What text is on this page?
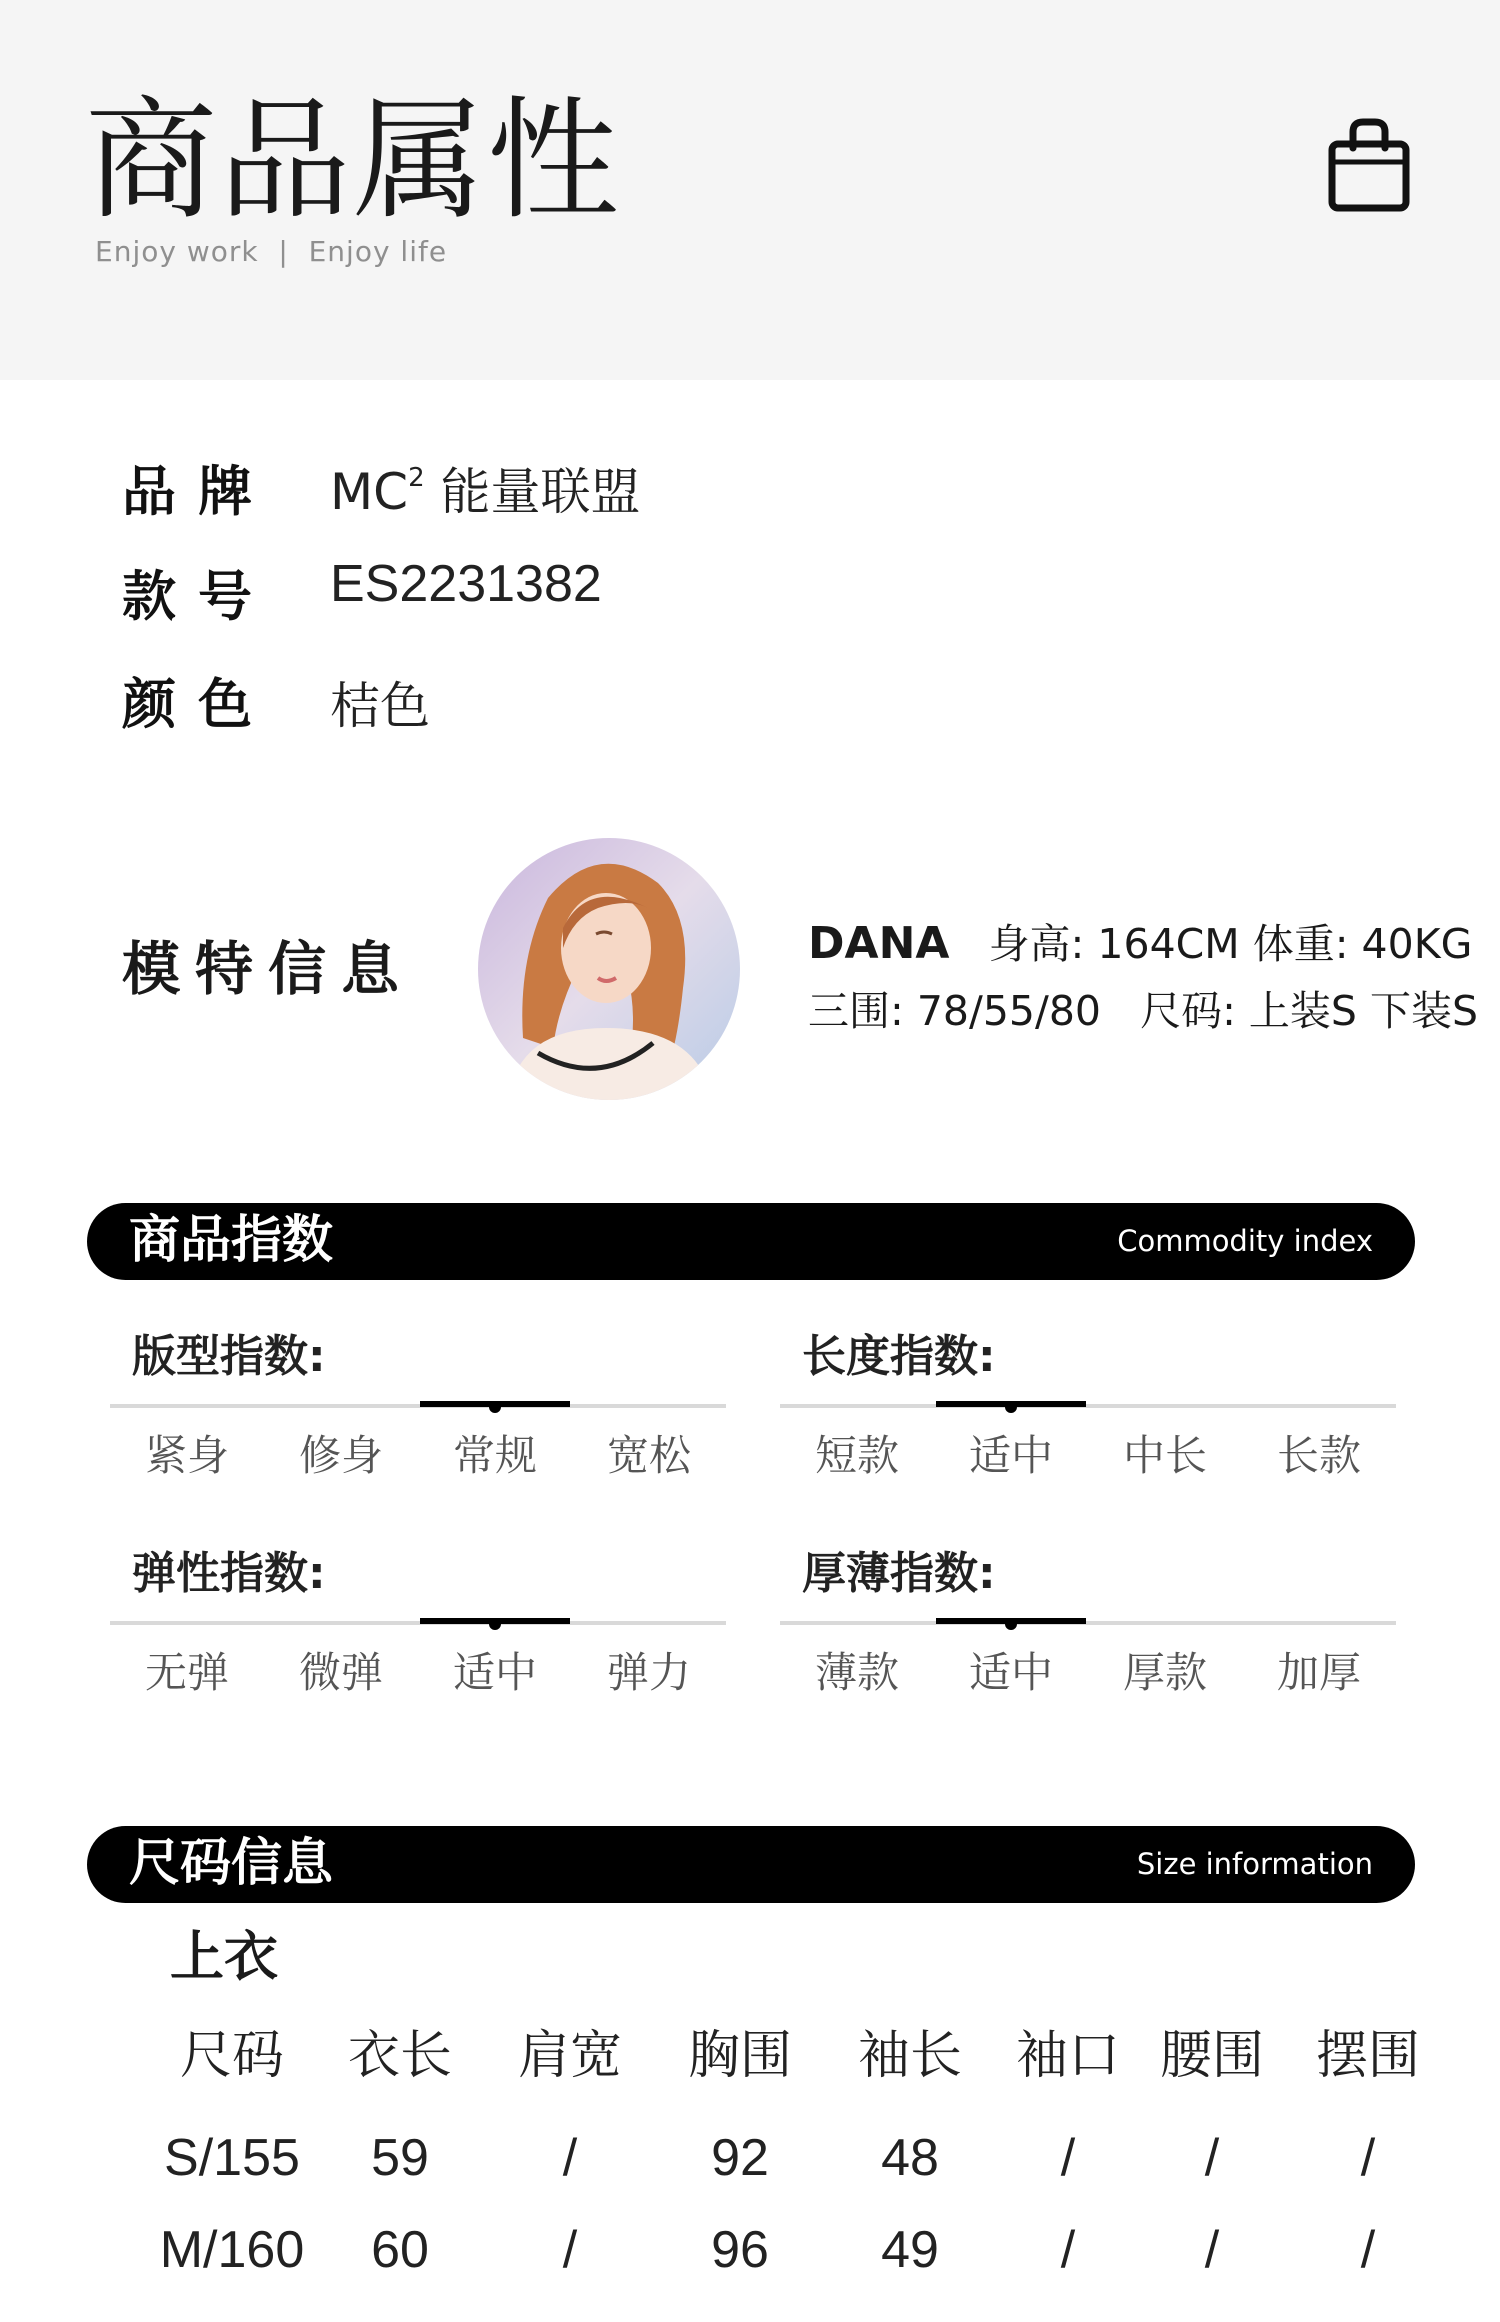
商品属性
Enjoy work  |  Enjoy life
品牌 $MC^2$ 能量联盟
款号 ES2231382
颜色 桔色
模特信息	DANA 身高: 164CM 体重: 40KG
三围: 78/55/80   尺码: 上装S 下装S
商品指数	Commodity index
版型指数:
紧身	修身	常规	宽松
长度指数:
短款	适中	中长	长款
弹性指数:
无弹	微弹	适中	弹力
厚薄指数:
薄款	适中	厚款	加厚
尺码信息	Size information
上衣
尺码	衣长	肩宽	胸围	袖长	袖口 腰围 摆围
S/155	59	/	92	48	/	/	/
M/160	60	/	96	49	/	/	/
